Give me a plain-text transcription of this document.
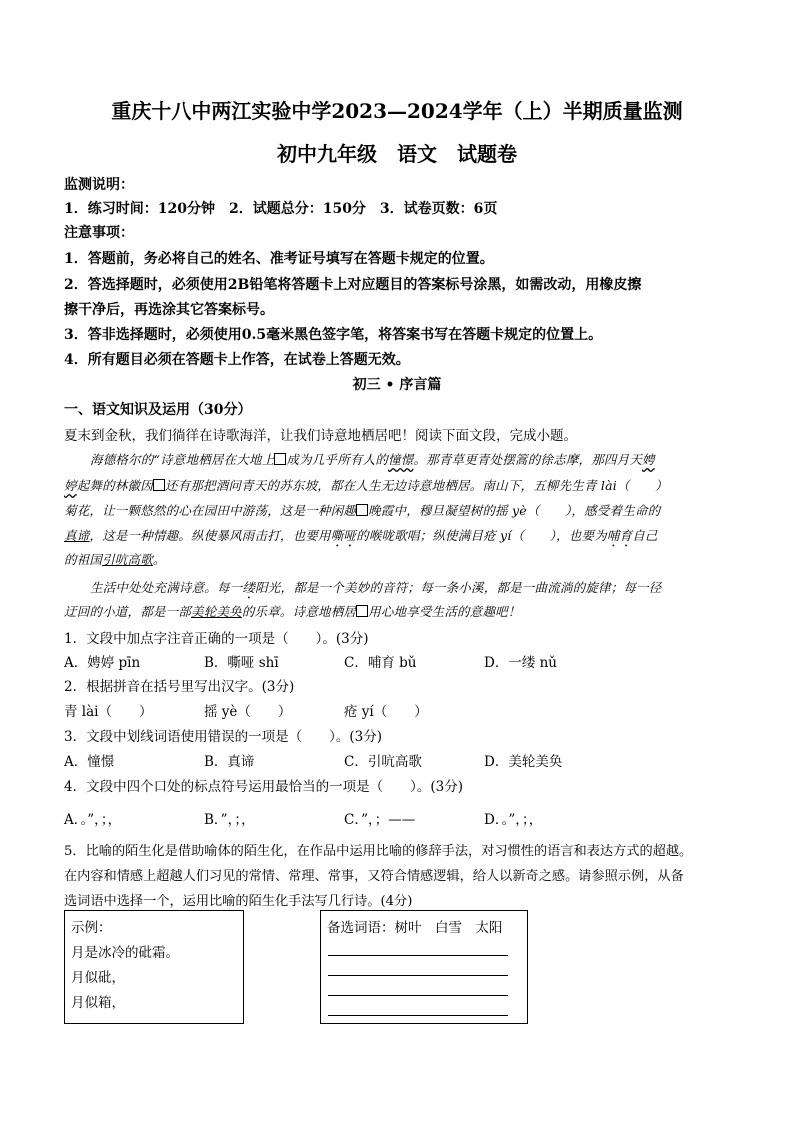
重庆十八中两江实验中学2023—2024学年（上）半期质量监测
初中九年级　语文　试题卷
监测说明：
1．练习时间：120分钟　2．试题总分：150分　3．试卷页数：6页
注意事项：
1．答题前，务必将自己的姓名、准考证号填写在答题卡规定的位置。
2．答选择题时，必须使用2B铅笔将答题卡上对应题目的答案标号涂黑，如需改动，用橡皮擦
擦干净后，再选涂其它答案标号。
3．答非选择题时，必须使用0.5毫米黑色签字笔，将答案书写在答题卡规定的位置上。
4．所有题目必须在答题卡上作答，在试卷上答题无效。
初三 • 序言篇
一、语文知识及运用（30分）
夏末到金秋，我们徜徉在诗歌海洋，让我们诗意地栖居吧！阅读下面文段，完成小题。
海德格尔的“诗意地栖居在大地上 成为几乎所有人的憧憬。那青草更青处摆篙的徐志摩，那四月天娉
婷起舞的林徽因 还有那把酒问青天的苏东坡，都在人生无边诗意地栖居。南山下，五柳先生青 lài（　　）
菊花，让一颗悠然的心在园田中游荡，这是一种闲趣 晚霞中，穆旦凝望树的摇 yè（　　），感受着生命的
真谛，这是一种情趣。纵使暴风雨击打，也要用嘶哑的喉咙歌唱；纵使满目疮 yí（　　），也要为哺育自己
的祖国引吭高歌。
生活中处处充满诗意。每一缕阳光，都是一个美妙的音符；每一条小溪，都是一曲流淌的旋律；每一径
迂回的小道，都是一部美轮美奂的乐章。诗意地栖居 用心地享受生活的意趣吧！
1．文段中加点字注音正确的一项是（　　）。(3分)
A．娉婷 pīn	B．嘶哑 shī	C．哺育 bǔ	D．一缕 nǔ
2．根据拼音在括号里写出汉字。(3分)
青 lài（　　）	摇 yè（　　）	疮 yí（　　）
3．文段中划线词语使用错误的一项是（　　）。(3分)
A．憧憬	B．真谛	C．引吭高歌	D．美轮美奂
4．文段中四个口处的标点符号运用最恰当的一项是（　　）。(3分)
A．。”，；，	B．”，；，	C．”，；——	D．。”，；，
5．比喻的陌生化是借助喻体的陌生化，在作品中运用比喻的修辞手法，对习惯性的语言和表达方式的超越。
在内容和情感上超越人们习见的常情、常理、常事，又符合情感逻辑，给人以新奇之感。请参照示例，从备
选词语中选择一个，运用比喻的陌生化手法写几行诗。(4分)
示例：
月是冰冷的砒霜。
月似砒，
月似箱，
备选词语：树叶　白雪　太阳
